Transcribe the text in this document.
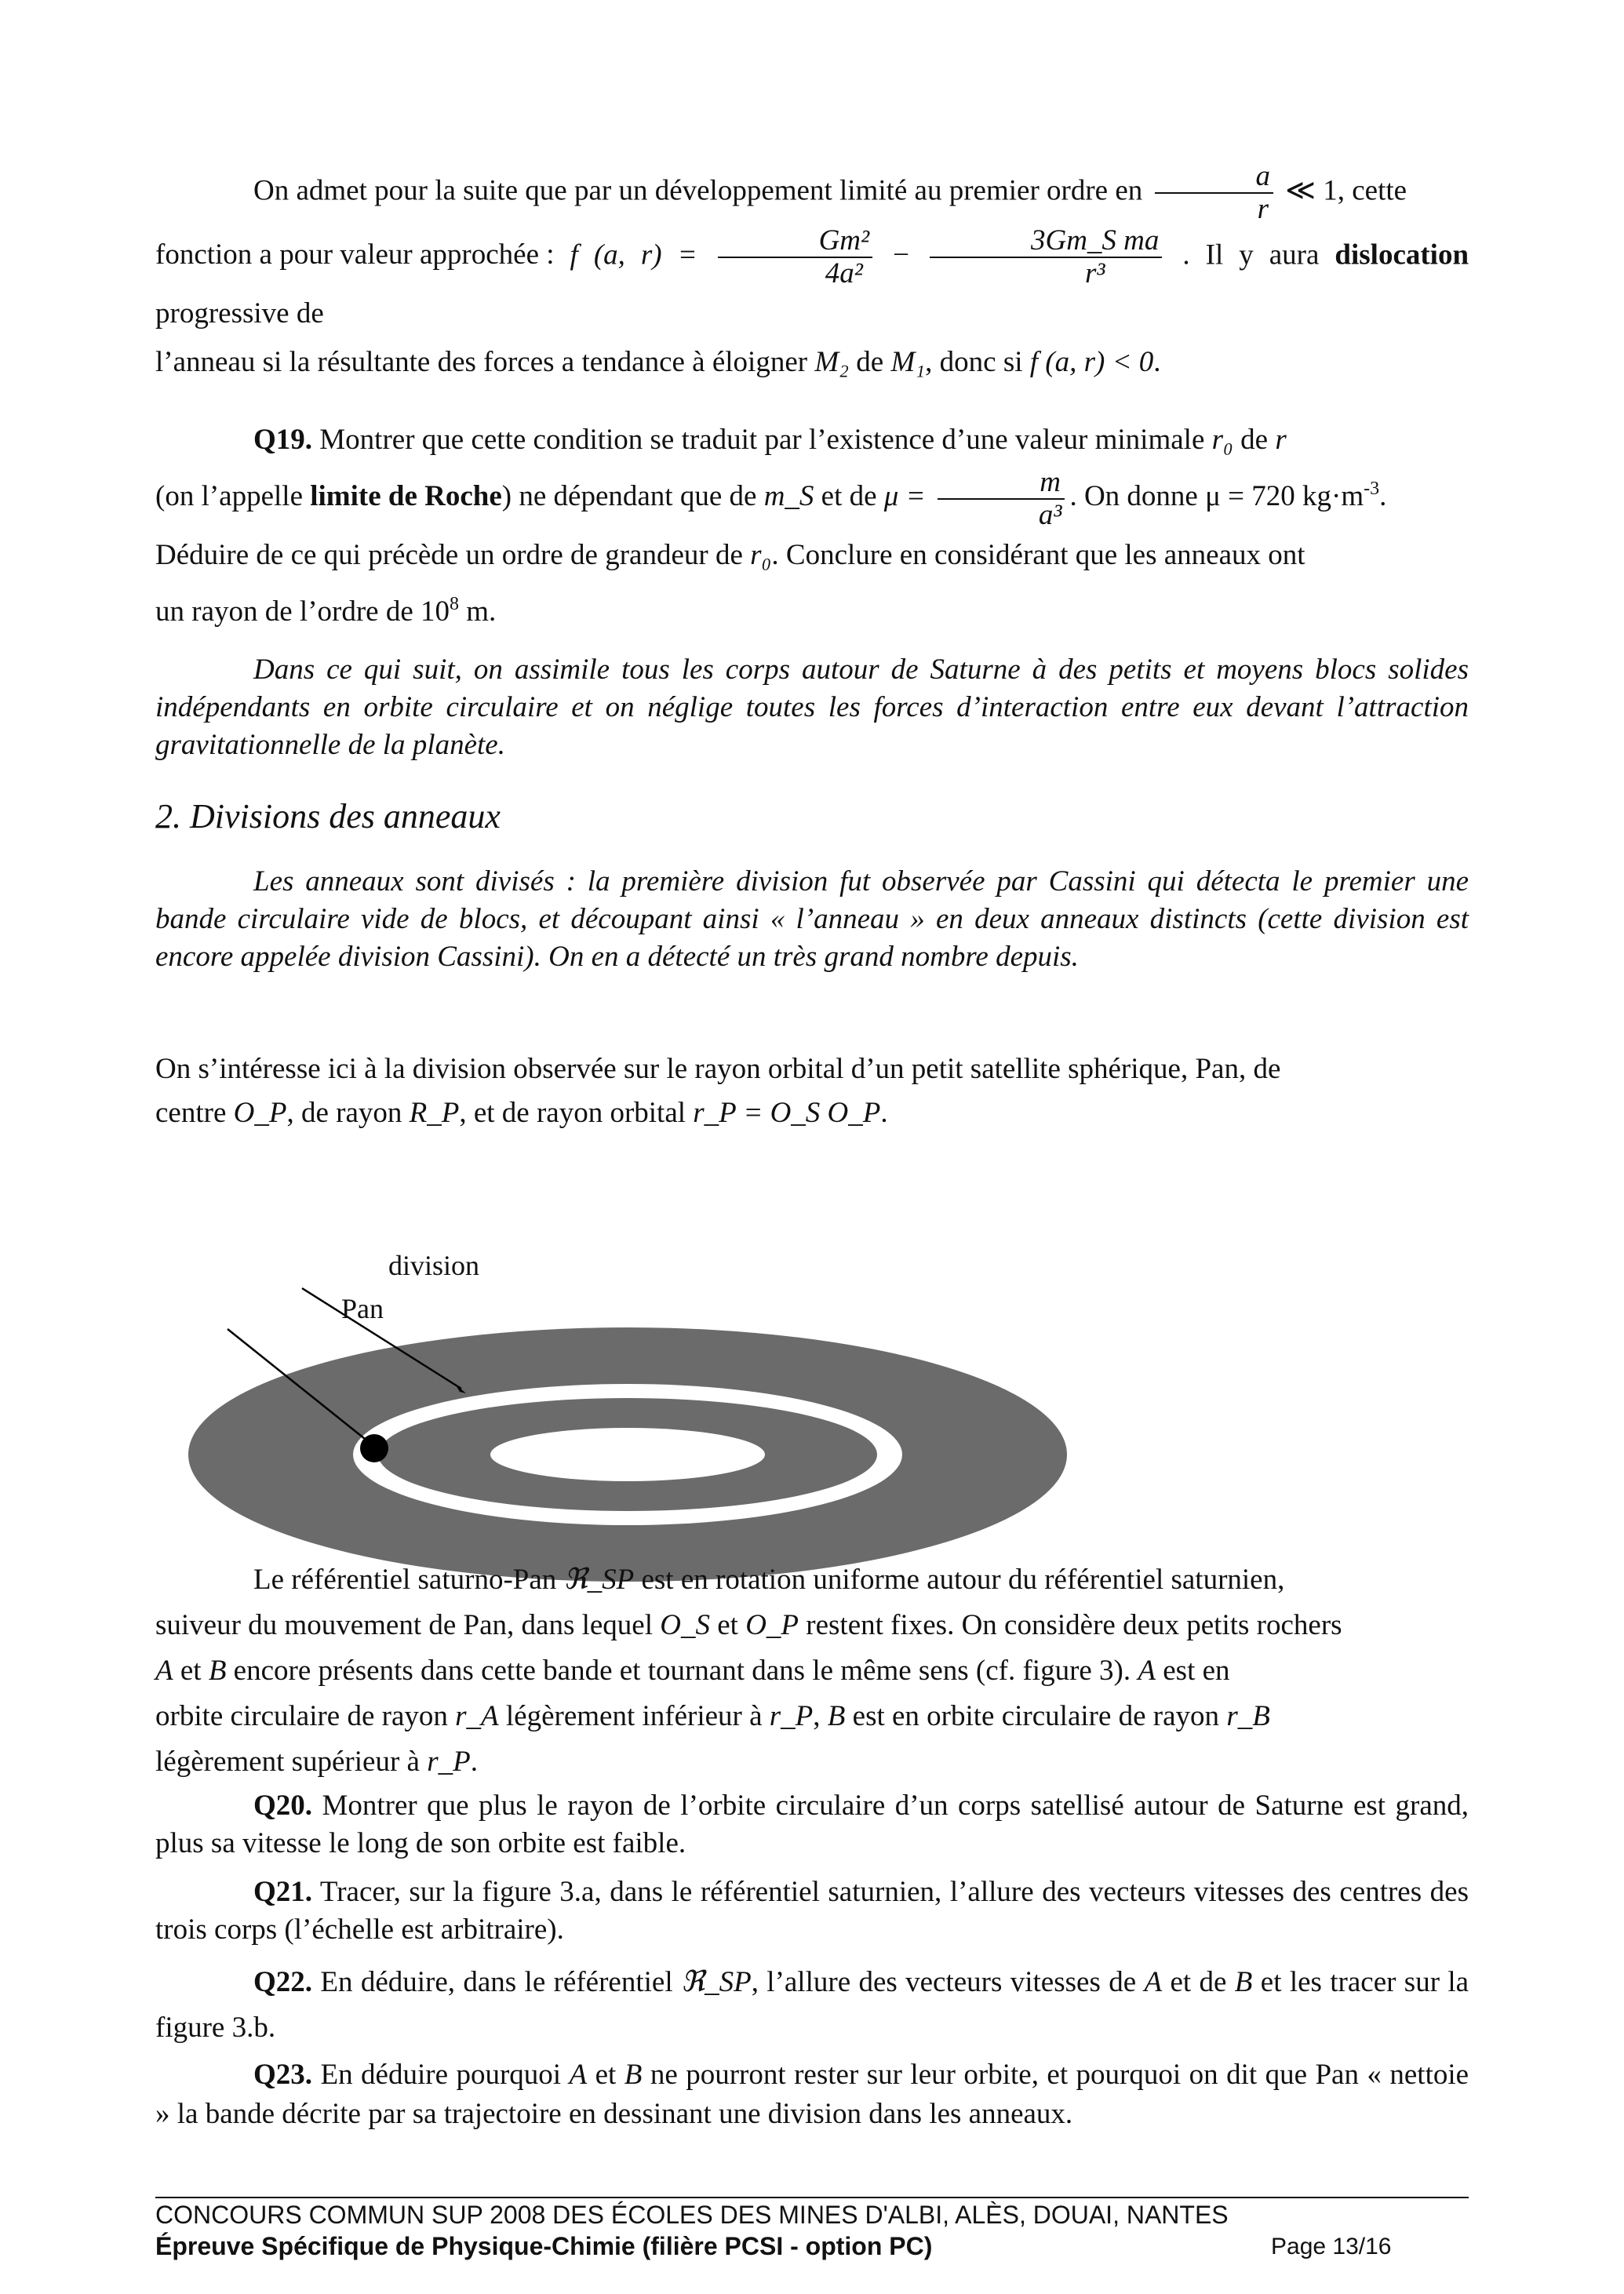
On admet pour la suite que par un développement limité au premier ordre en $\frac{a}{r}$ ≪ 1, cette
fonction a pour valeur approchée : f (a, $r) = \frac{\text{Gm²}}{\text{4a²}} - \frac{\text{3Gm\_S ma}}{\text{r³}}$ . Il y aura dislocation progressive de
l’anneau si la résultante des forces a tendance à éloigner M₂ de M₁, donc si f (a, r) < 0.
Q19. Montrer que cette condition se traduit par l’existence d’une valeur minimale r₀ de r
(on l’appelle limite de Roche) ne dépendant que de m_S et de $\mu = \frac{m}{\text{a³}}$ . On donne μ = 720 $kg\cdot m^{-3}$.
Déduire de ce qui précède un ordre de grandeur de r₀. Conclure en considérant que les anneaux ont
un rayon de l’ordre de $10^8$ m.
Dans ce qui suit, on assimile tous les corps autour de Saturne à des petits et moyens blocs solides indépendants en orbite circulaire et on néglige toutes les forces d’interaction entre eux devant l’attraction gravitationnelle de la planète.
2. Divisions des anneaux
Les anneaux sont divisés : la première division fut observée par Cassini qui détecta le premier une bande circulaire vide de blocs, et découpant ainsi « l’anneau » en deux anneaux distincts (cette division est encore appelée division Cassini). On en a détecté un très grand nombre depuis.
On s’intéresse ici à la division observée sur le rayon orbital d’un petit satellite sphérique, Pan, de
centre O_P, de rayon R_P, et de rayon orbital r_P = O_S O_P.
division
Pan
Le référentiel saturno-Pan ℜ_SP est en rotation uniforme autour du référentiel saturnien,
suiveur du mouvement de Pan, dans lequel O_S et O_P restent fixes. On considère deux petits rochers
A et B encore présents dans cette bande et tournant dans le même sens (cf. figure 3). A est en
orbite circulaire de rayon r_A légèrement inférieur à r_P, B est en orbite circulaire de rayon r_B
légèrement supérieur à r_P.
Q20. Montrer que plus le rayon de l’orbite circulaire d’un corps satellisé autour de Saturne est grand, plus sa vitesse le long de son orbite est faible.
Q21. Tracer, sur la figure 3.a, dans le référentiel saturnien, l’allure des vecteurs vitesses des centres des trois corps (l’échelle est arbitraire).
Q22. En déduire, dans le référentiel ℜ_SP, l’allure des vecteurs vitesses de A et de B et les tracer sur la figure 3.b.
Q23. En déduire pourquoi A et B ne pourront rester sur leur orbite, et pourquoi on dit que Pan « nettoie » la bande décrite par sa trajectoire en dessinant une division dans les anneaux.
CONCOURS COMMUN SUP 2008 DES ÉCOLES DES MINES D'ALBI, ALÈS, DOUAI, NANTES
Épreuve Spécifique de Physique-Chimie (filière PCSI - option PC)	Page 13/16
